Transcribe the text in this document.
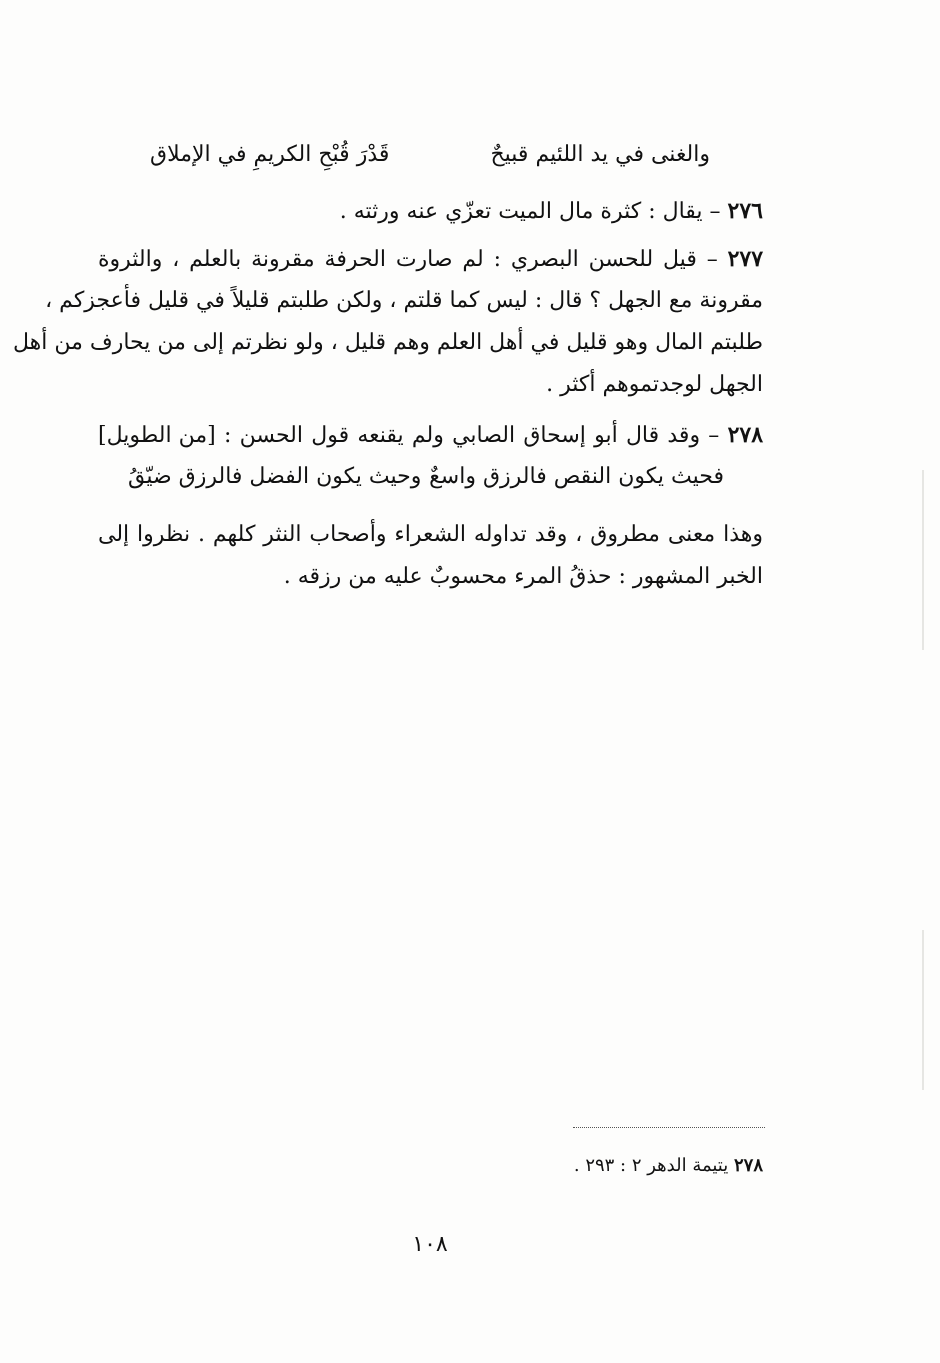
والغنى في يد اللئيم قبيحٌ
قَدْرَ قُبْحِ الكريمِ في الإملاق
٢٧٦ – يقال : كثرة مال الميت تعزّي عنه ورثته .
٢٧٧ – قيل للحسن البصري : لم صارت الحرفة مقرونة بالعلم ، والثروة
مقرونة مع الجهل ؟ قال : ليس كما قلتم ، ولكن طلبتم قليلاً في قليل فأعجزكم ،
طلبتم المال وهو قليل في أهل العلم وهم قليل ، ولو نظرتم إلى من يحارف من أهل
الجهل لوجدتموهم أكثر .
٢٧٨ – وقد قال أبو إسحاق الصابي ولم يقنعه قول الحسن : [من الطويل]
فحيث يكون النقص فالرزق واسعٌ
وحيث يكون الفضل فالرزق ضيّقُ
وهذا معنى مطروق ، وقد تداوله الشعراء وأصحاب النثر كلهم . نظروا إلى
الخبر المشهور : حذقُ المرء محسوبٌ عليه من رزقه .
٢٧٨ يتيمة الدهر ٢ : ٢٩٣ .
١٠٨
